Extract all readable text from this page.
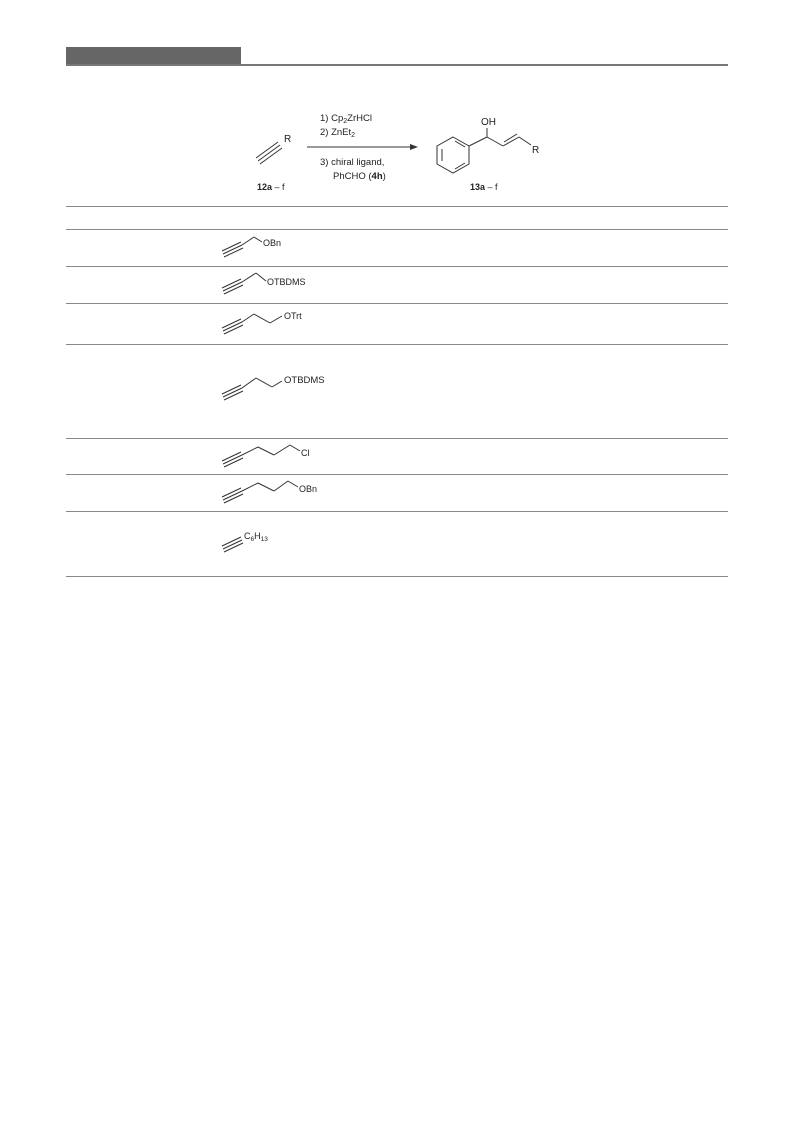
R
12a – f
1) $Cp_2ZrHCl$
2) ZnEt$_2$
3) chiral ligand,
PhCHO (4h)
OH
R
13a – f
OBn
OTBDMS
OTrt
OTBDMS
Cl
OBn
$C_6H_{13}$
